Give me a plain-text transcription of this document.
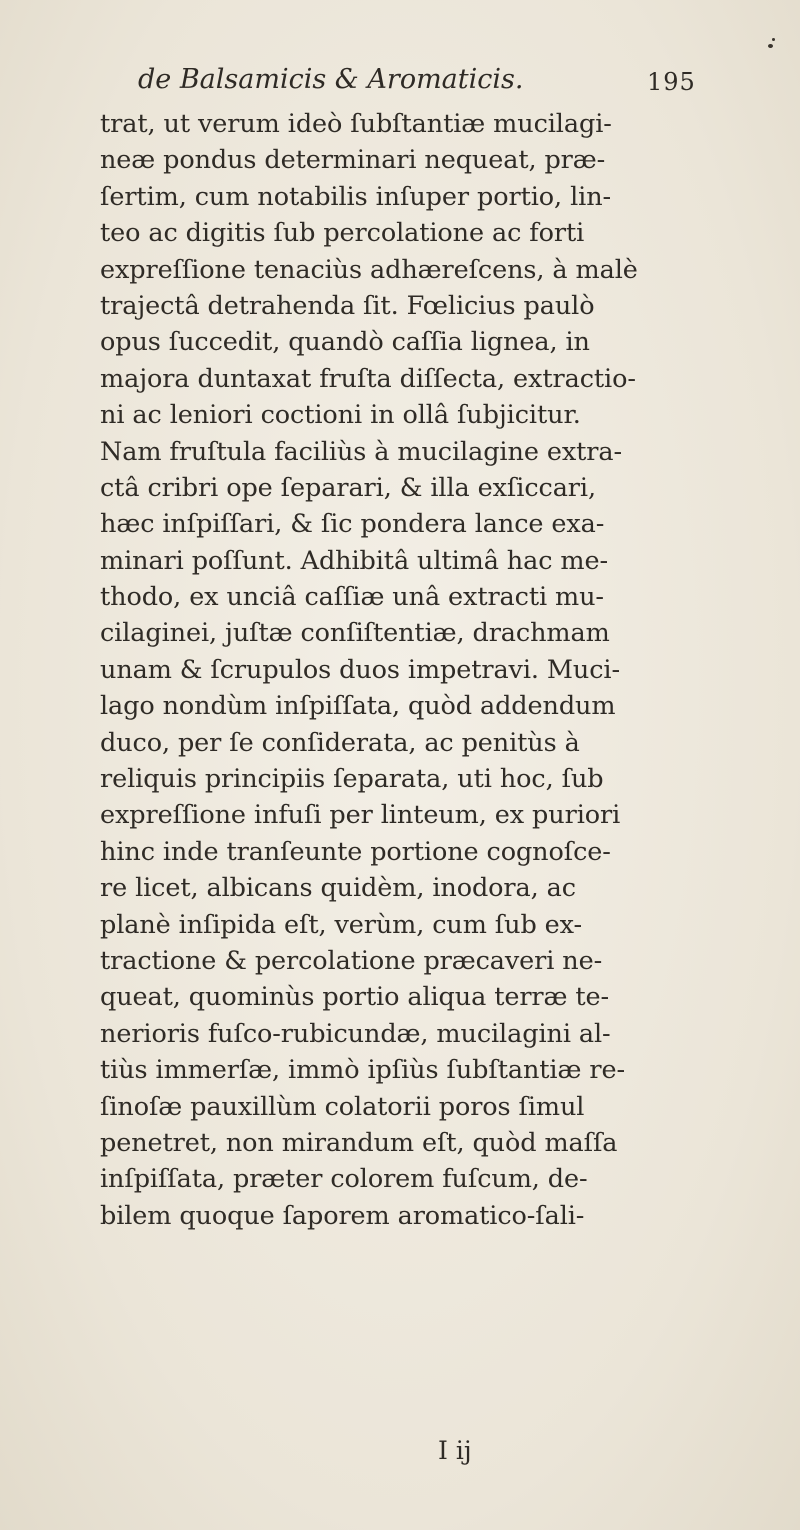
de Balsamicis & Aromaticis.	195
trat, ut verum ideò ſubſtantiæ mucilagi-
neæ pondus determinari nequeat, præ-
ſertim, cum notabilis inſuper portio, lin-
teo ac digitis ſub percolatione ac forti
expreſſione tenaciùs adhæreſcens, à malè
trajectâ detrahenda ſit. Fœlicius paulò
opus ſuccedit, quandò caſſia lignea, in
majora duntaxat fruſta diſſecta, extractio-
ni ac leniori coctioni in ollâ ſubjicitur.
Nam fruſtula faciliùs à mucilagine extra-
ctâ cribri ope ſeparari, & illa exſiccari,
hæc inſpiſſari, & ſic pondera lance exa-
minari poſſunt. Adhibitâ ultimâ hac me-
thodo, ex unciâ caſſiæ unâ extracti mu-
cilaginei, juſtæ conſiſtentiæ, drachmam
unam & ſcrupulos duos impetravi. Muci-
lago nondùm inſpiſſata, quòd addendum
duco, per ſe conſiderata, ac penitùs à
reliquis principiis ſeparata, uti hoc, ſub
expreſſione infuſi per linteum, ex puriori
hinc inde tranſeunte portione cognoſce-
re licet, albicans quidèm, inodora, ac
planè inſipida eſt, verùm, cum ſub ex-
tractione & percolatione præcaveri ne-
queat, quominùs portio aliqua terræ te-
nerioris fuſco-rubicundæ, mucilagini al-
tiùs immerſæ, immò ipſiùs ſubſtantiæ re-
ſinoſæ pauxillùm colatorii poros ſimul
penetret, non mirandum eſt, quòd maſſa
inſpiſſata, præter colorem fuſcum, de-
bilem quoque ſaporem aromatico-ſali-
I ij
